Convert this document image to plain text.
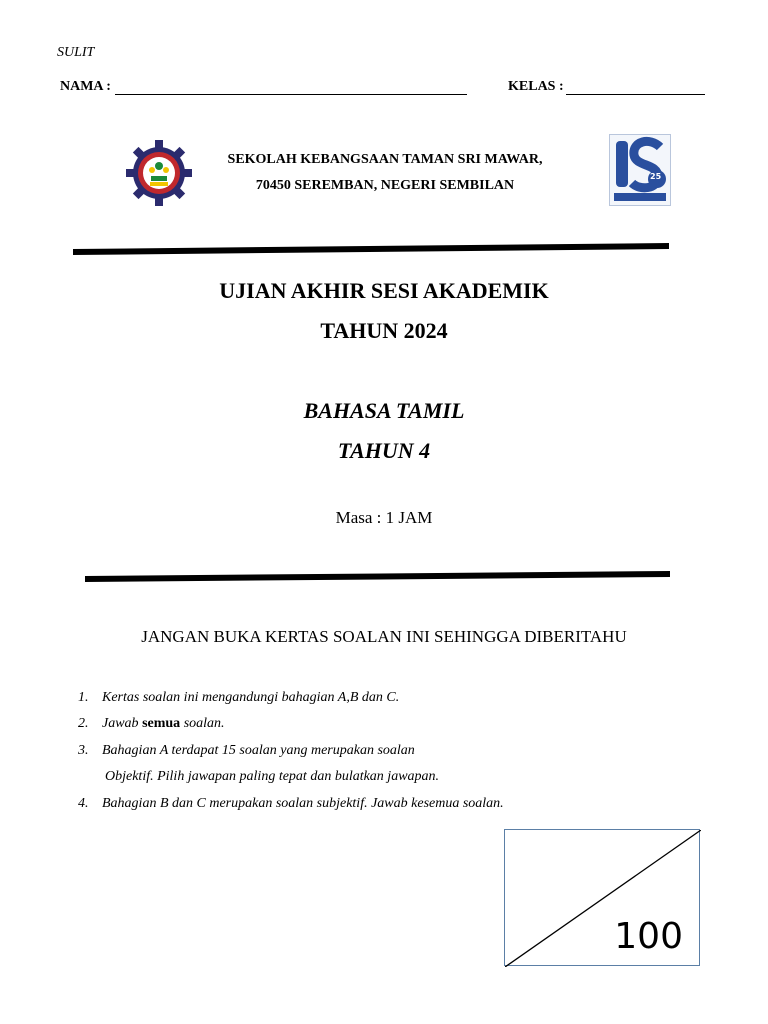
SULIT
NAMA :	KELAS :
SEKOLAH KEBANGSAAN TAMAN SRI MAWAR,
70450 SEREMBAN, NEGERI SEMBILAN
25
UJIAN AKHIR SESI AKADEMIK
TAHUN 2024
BAHASA TAMIL
TAHUN 4
Masa : 1 JAM
JANGAN BUKA KERTAS SOALAN INI SEHINGGA DIBERITAHU
1. Kertas soalan ini mengandungi bahagian A,B dan C.
2. Jawab semua soalan.
3. Bahagian A terdapat 15 soalan yang merupakan soalan
Objektif. Pilih jawapan paling tepat dan bulatkan jawapan.
4. Bahagian B dan C merupakan soalan subjektif. Jawab kesemua soalan.
100
